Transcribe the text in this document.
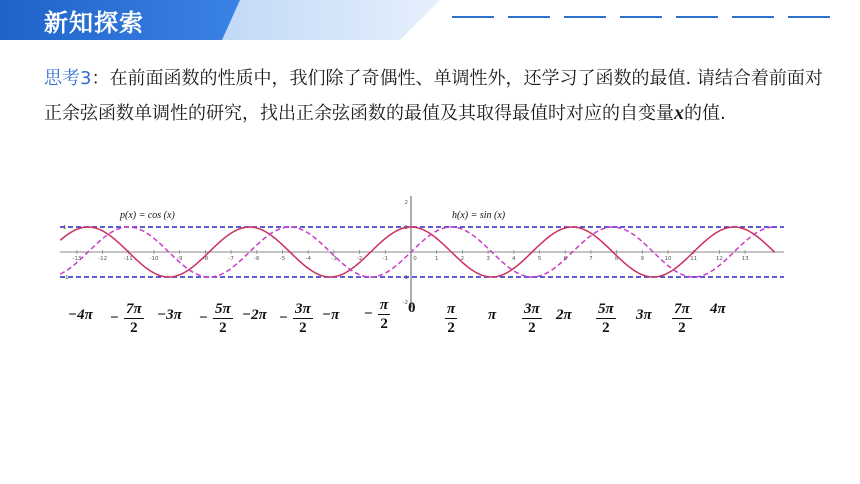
新知探索
思考3：在前面函数的性质中，我们除了奇偶性、单调性外，还学习了函数的最值. 请结合着前面对正余弦函数单调性的研究，找出正余弦函数的最值及其取得最值时对应的自变量x的值.
-13	-12	-11	-10	-9	-8	-7	-6	-5	-4	-3	-2	-1	0	1	2	3	4	5	6	7	8	9	10	11	12	13
2
1
1
-1
-1
-2
p(x) = cos (x)	h(x) = sin (x)
−4π −
7π
2
−3π −
5π
2
−2π −
3π
2
−π −
π
2
$0 \frac{\pi}{2}$ π $\frac{3\pi}{2} 2\pi \frac{5\pi}{2} 3\pi \frac{7\pi}{2} 4\pi$
